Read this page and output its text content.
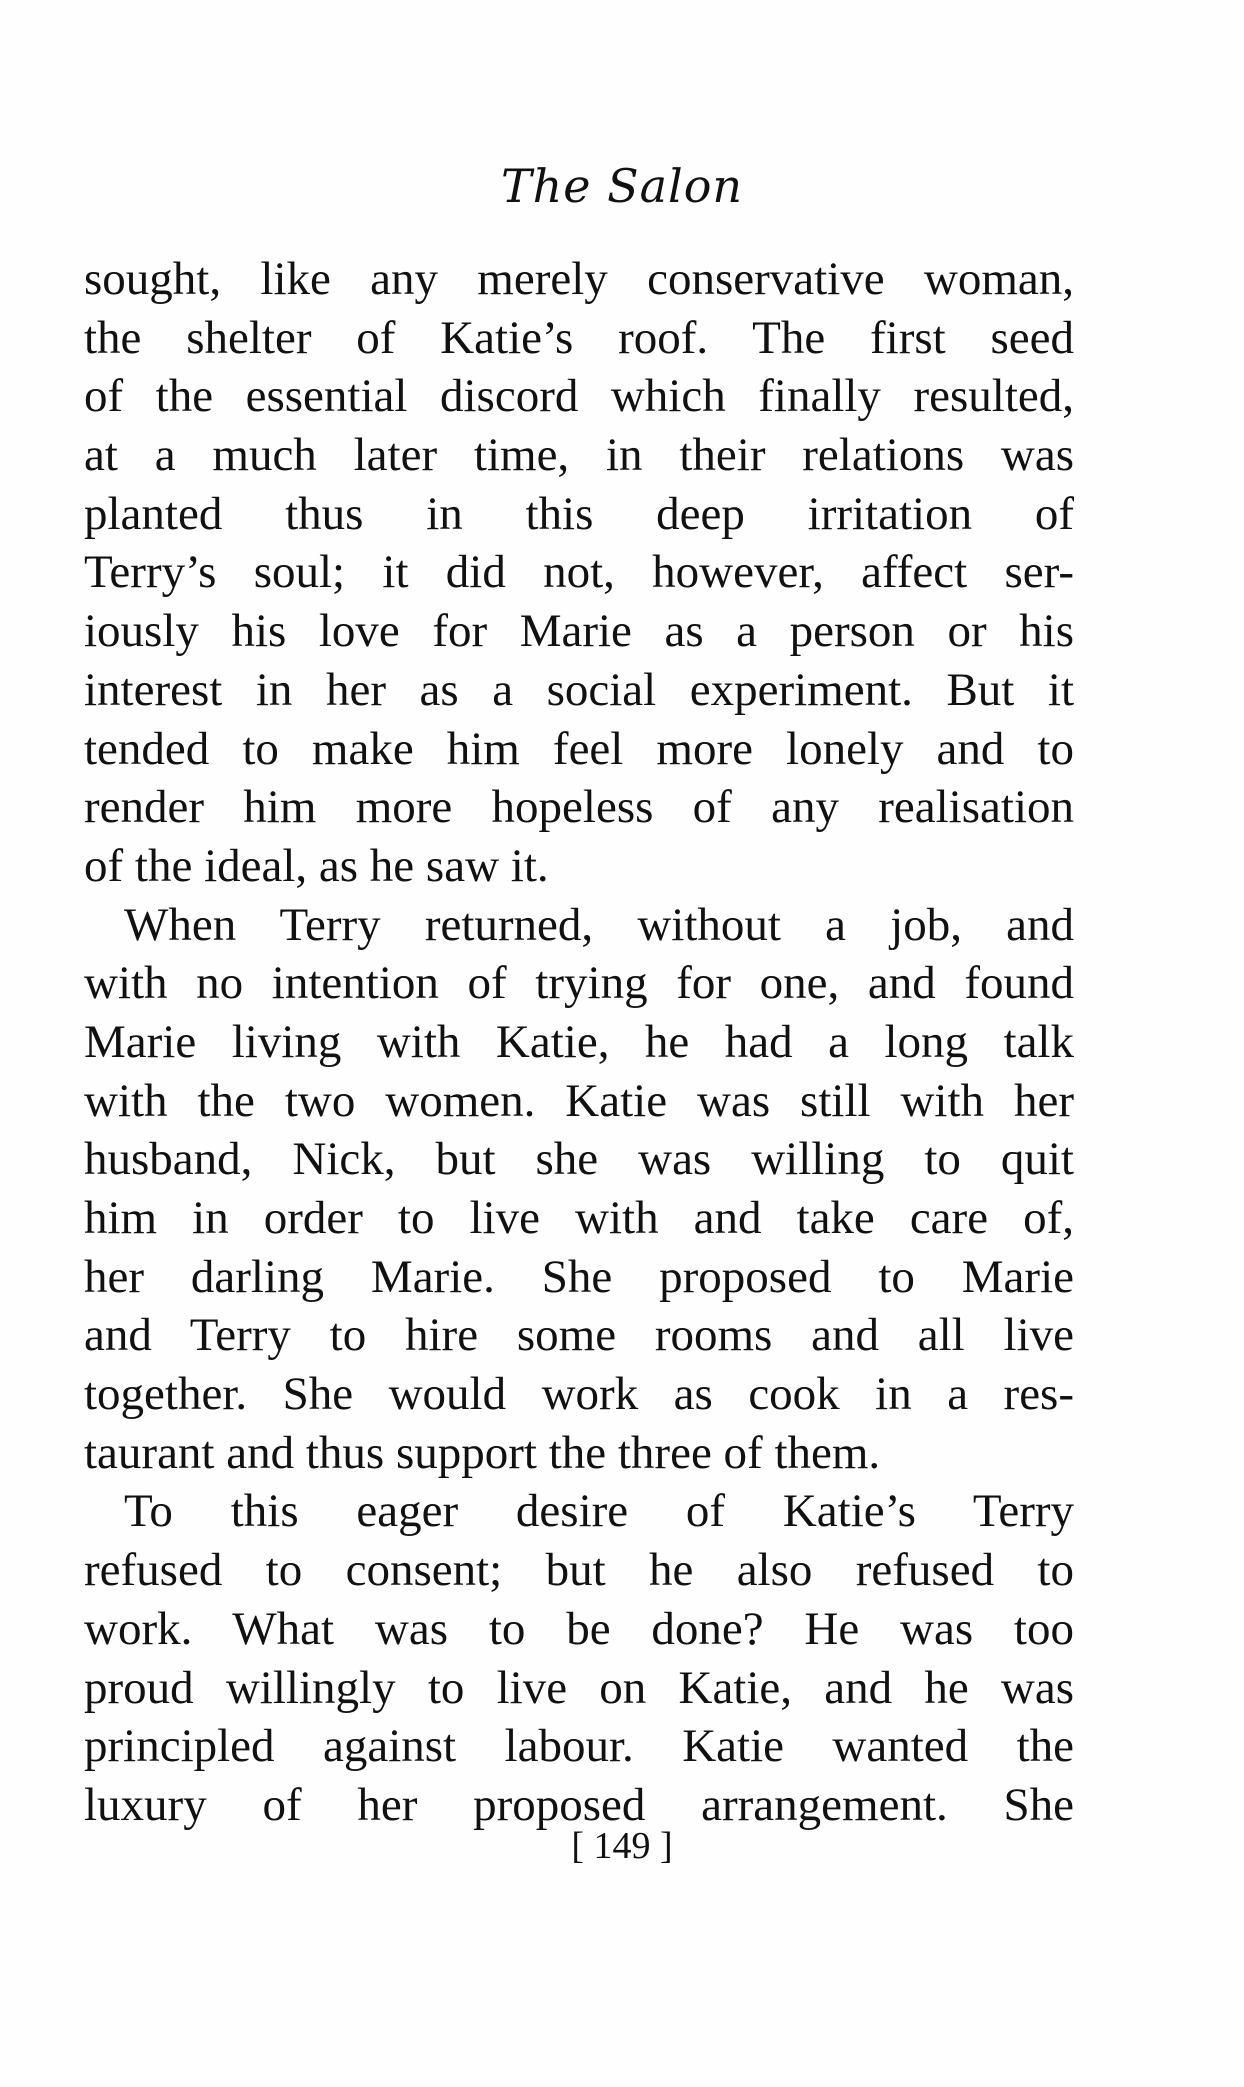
The Salon
sought, like any merely conservative woman,
the shelter of Katie’s roof. The first seed
of the essential discord which finally resulted,
at a much later time, in their relations was
planted thus in this deep irritation of
Terry’s soul; it did not, however, affect ser-
iously his love for Marie as a person or his
interest in her as a social experiment. But it
tended to make him feel more lonely and to
render him more hopeless of any realisation
of the ideal, as he saw it.
When Terry returned, without a job, and
with no intention of trying for one, and found
Marie living with Katie, he had a long talk
with the two women. Katie was still with her
husband, Nick, but she was willing to quit
him in order to live with and take care of,
her darling Marie. She proposed to Marie
and Terry to hire some rooms and all live
together. She would work as cook in a res-
taurant and thus support the three of them.
To this eager desire of Katie’s Terry
refused to consent; but he also refused to
work. What was to be done? He was too
proud willingly to live on Katie, and he was
principled against labour. Katie wanted the
luxury of her proposed arrangement. She
[ 149 ]
